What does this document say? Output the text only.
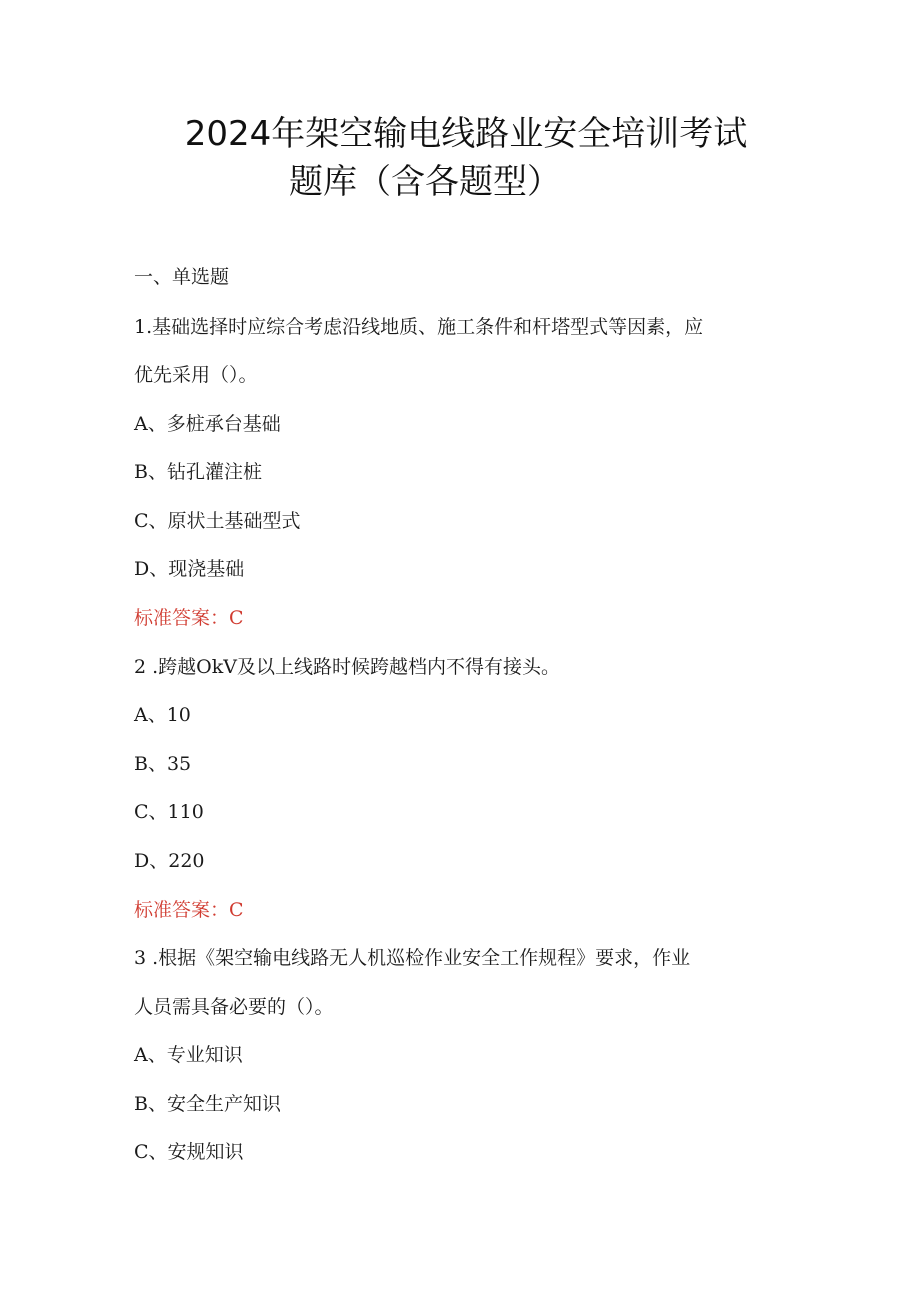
2024年架空输电线路业安全培训考试
题库（含各题型）
一、单选题
1.基础选择时应综合考虑沿线地质、施工条件和杆塔型式等因素，应
优先采用（）。
A、多桩承台基础
B、钻孔灌注桩
C、原状土基础型式
D、现浇基础
标准答案：C
2 .跨越OkV及以上线路时候跨越档内不得有接头。
A、10
B、35
C、110
D、220
标准答案：C
3 .根据《架空输电线路无人机巡检作业安全工作规程》要求，作业
人员需具备必要的（）。
A、专业知识
B、安全生产知识
C、安规知识
